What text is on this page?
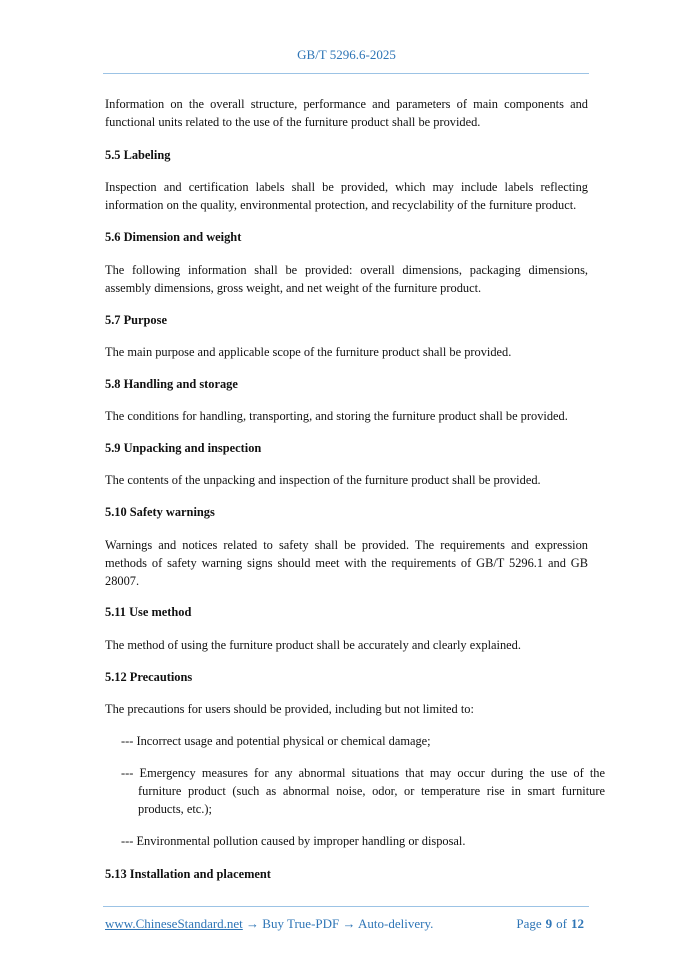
GB/T 5296.6-2025
Information on the overall structure, performance and parameters of main components and functional units related to the use of the furniture product shall be provided.
5.5 Labeling
Inspection and certification labels shall be provided, which may include labels reflecting information on the quality, environmental protection, and recyclability of the furniture product.
5.6 Dimension and weight
The following information shall be provided: overall dimensions, packaging dimensions, assembly dimensions, gross weight, and net weight of the furniture product.
5.7 Purpose
The main purpose and applicable scope of the furniture product shall be provided.
5.8 Handling and storage
The conditions for handling, transporting, and storing the furniture product shall be provided.
5.9 Unpacking and inspection
The contents of the unpacking and inspection of the furniture product shall be provided.
5.10 Safety warnings
Warnings and notices related to safety shall be provided. The requirements and expression methods of safety warning signs should meet with the requirements of GB/T 5296.1 and GB 28007.
5.11 Use method
The method of using the furniture product shall be accurately and clearly explained.
5.12 Precautions
The precautions for users should be provided, including but not limited to:
--- Incorrect usage and potential physical or chemical damage;
--- Emergency measures for any abnormal situations that may occur during the use of the furniture product (such as abnormal noise, odor, or temperature rise in smart furniture products, etc.);
--- Environmental pollution caused by improper handling or disposal.
5.13 Installation and placement
www.ChineseStandard.net → Buy True-PDF → Auto-delivery.	Page 9 of 12
